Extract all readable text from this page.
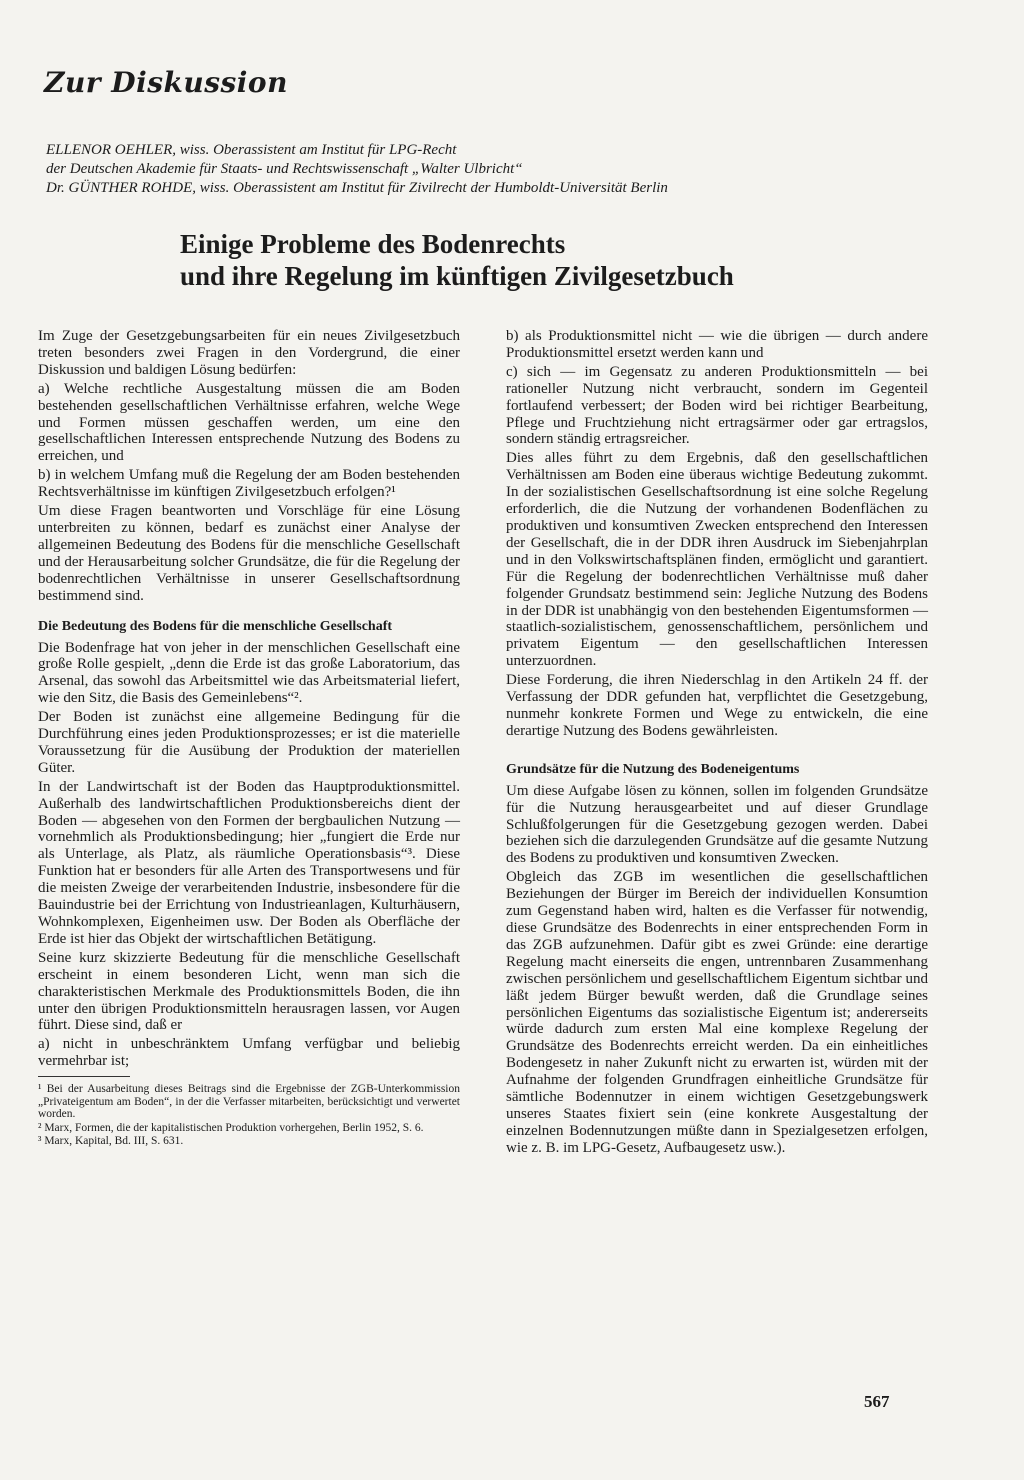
Zur Diskussion

ELLENOR OEHLER, wiss. Oberassistent am Institut für LPG-Recht

der Deutschen Akademie für Staats- und Rechtswissenschaft „Walter Ulbricht“

Dr. GÜNTHER ROHDE, wiss. Oberassistent am Institut für Zivilrecht der Humboldt-Universität Berlin

Einige Probleme des Bodenrechts
und ihre Regelung im künftigen Zivilgesetzbuch

Im Zuge der Gesetzgebungsarbeiten für ein neues Zivilgesetzbuch treten besonders zwei Fragen in den Vordergrund, die einer Diskussion und baldigen Lösung bedürfen:

a) Welche rechtliche Ausgestaltung müssen die am Boden bestehenden gesellschaftlichen Verhältnisse erfahren, welche Wege und Formen müssen geschaffen werden, um eine den gesellschaftlichen Interessen entsprechende Nutzung des Bodens zu erreichen, und

b) in welchem Umfang muß die Regelung der am Boden bestehenden Rechtsverhältnisse im künftigen Zivilgesetzbuch erfolgen?¹

Um diese Fragen beantworten und Vorschläge für eine Lösung unterbreiten zu können, bedarf es zunächst einer Analyse der allgemeinen Bedeutung des Bodens für die menschliche Gesellschaft und der Herausarbeitung solcher Grundsätze, die für die Regelung der bodenrechtlichen Verhältnisse in unserer Gesellschaftsordnung bestimmend sind.

Die Bedeutung des Bodens für die menschliche Gesellschaft

Die Bodenfrage hat von jeher in der menschlichen Gesellschaft eine große Rolle gespielt, „denn die Erde ist das große Laboratorium, das Arsenal, das sowohl das Arbeitsmittel wie das Arbeitsmaterial liefert, wie den Sitz, die Basis des Gemeinlebens“².

Der Boden ist zunächst eine allgemeine Bedingung für die Durchführung eines jeden Produktionsprozesses; er ist die materielle Voraussetzung für die Ausübung der Produktion der materiellen Güter.

In der Landwirtschaft ist der Boden das Hauptproduktionsmittel. Außerhalb des landwirtschaftlichen Produktionsbereichs dient der Boden — abgesehen von den Formen der bergbaulichen Nutzung — vornehmlich als Produktionsbedingung; hier „fungiert die Erde nur als Unterlage, als Platz, als räumliche Operationsbasis“³. Diese Funktion hat er besonders für alle Arten des Transportwesens und für die meisten Zweige der verarbeitenden Industrie, insbesondere für die Bauindustrie bei der Errichtung von Industrieanlagen, Kulturhäusern, Wohnkomplexen, Eigenheimen usw. Der Boden als Oberfläche der Erde ist hier das Objekt der wirtschaftlichen Betätigung.

Seine kurz skizzierte Bedeutung für die menschliche Gesellschaft erscheint in einem besonderen Licht, wenn man sich die charakteristischen Merkmale des Produktionsmittels Boden, die ihn unter den übrigen Produktionsmitteln herausragen lassen, vor Augen führt. Diese sind, daß er

a) nicht in unbeschränktem Umfang verfügbar und beliebig vermehrbar ist;

¹ Bei der Ausarbeitung dieses Beitrags sind die Ergebnisse der ZGB-Unterkommission „Privateigentum am Boden“, in der die Verfasser mitarbeiten, berücksichtigt und verwertet worden.

² Marx, Formen, die der kapitalistischen Produktion vorhergehen, Berlin 1952, S. 6.

³ Marx, Kapital, Bd. III, S. 631.

b) als Produktionsmittel nicht — wie die übrigen — durch andere Produktionsmittel ersetzt werden kann und

c) sich — im Gegensatz zu anderen Produktionsmitteln — bei rationeller Nutzung nicht verbraucht, sondern im Gegenteil fortlaufend verbessert; der Boden wird bei richtiger Bearbeitung, Pflege und Fruchtziehung nicht ertragsärmer oder gar ertragslos, sondern ständig ertragsreicher.

Dies alles führt zu dem Ergebnis, daß den gesellschaftlichen Verhältnissen am Boden eine überaus wichtige Bedeutung zukommt. In der sozialistischen Gesellschaftsordnung ist eine solche Regelung erforderlich, die die Nutzung der vorhandenen Bodenflächen zu produktiven und konsumtiven Zwecken entsprechend den Interessen der Gesellschaft, die in der DDR ihren Ausdruck im Siebenjahrplan und in den Volkswirtschaftsplänen finden, ermöglicht und garantiert. Für die Regelung der bodenrechtlichen Verhältnisse muß daher folgender Grundsatz bestimmend sein: Jegliche Nutzung des Bodens in der DDR ist unabhängig von den bestehenden Eigentumsformen — staatlich-sozialistischem, genossenschaftlichem, persönlichem und privatem Eigentum — den gesellschaftlichen Interessen unterzuordnen.

Diese Forderung, die ihren Niederschlag in den Artikeln 24 ff. der Verfassung der DDR gefunden hat, verpflichtet die Gesetzgebung, nunmehr konkrete Formen und Wege zu entwickeln, die eine derartige Nutzung des Bodens gewährleisten.

Grundsätze für die Nutzung des Bodeneigentums

Um diese Aufgabe lösen zu können, sollen im folgenden Grundsätze für die Nutzung herausgearbeitet und auf dieser Grundlage Schlußfolgerungen für die Gesetzgebung gezogen werden. Dabei beziehen sich die darzulegenden Grundsätze auf die gesamte Nutzung des Bodens zu produktiven und konsumtiven Zwecken.

Obgleich das ZGB im wesentlichen die gesellschaftlichen Beziehungen der Bürger im Bereich der individuellen Konsumtion zum Gegenstand haben wird, halten es die Verfasser für notwendig, diese Grundsätze des Bodenrechts in einer entsprechenden Form in das ZGB aufzunehmen. Dafür gibt es zwei Gründe: eine derartige Regelung macht einerseits die engen, untrennbaren Zusammenhang zwischen persönlichem und gesellschaftlichem Eigentum sichtbar und läßt jedem Bürger bewußt werden, daß die Grundlage seines persönlichen Eigentums das sozialistische Eigentum ist; andererseits würde dadurch zum ersten Mal eine komplexe Regelung der Grundsätze des Bodenrechts erreicht werden. Da ein einheitliches Bodengesetz in naher Zukunft nicht zu erwarten ist, würden mit der Aufnahme der folgenden Grundfragen einheitliche Grundsätze für sämtliche Bodennutzer in einem wichtigen Gesetzgebungswerk unseres Staates fixiert sein (eine konkrete Ausgestaltung der einzelnen Bodennutzungen müßte dann in Spezialgesetzen erfolgen, wie z. B. im LPG-Gesetz, Aufbaugesetz usw.).

567
